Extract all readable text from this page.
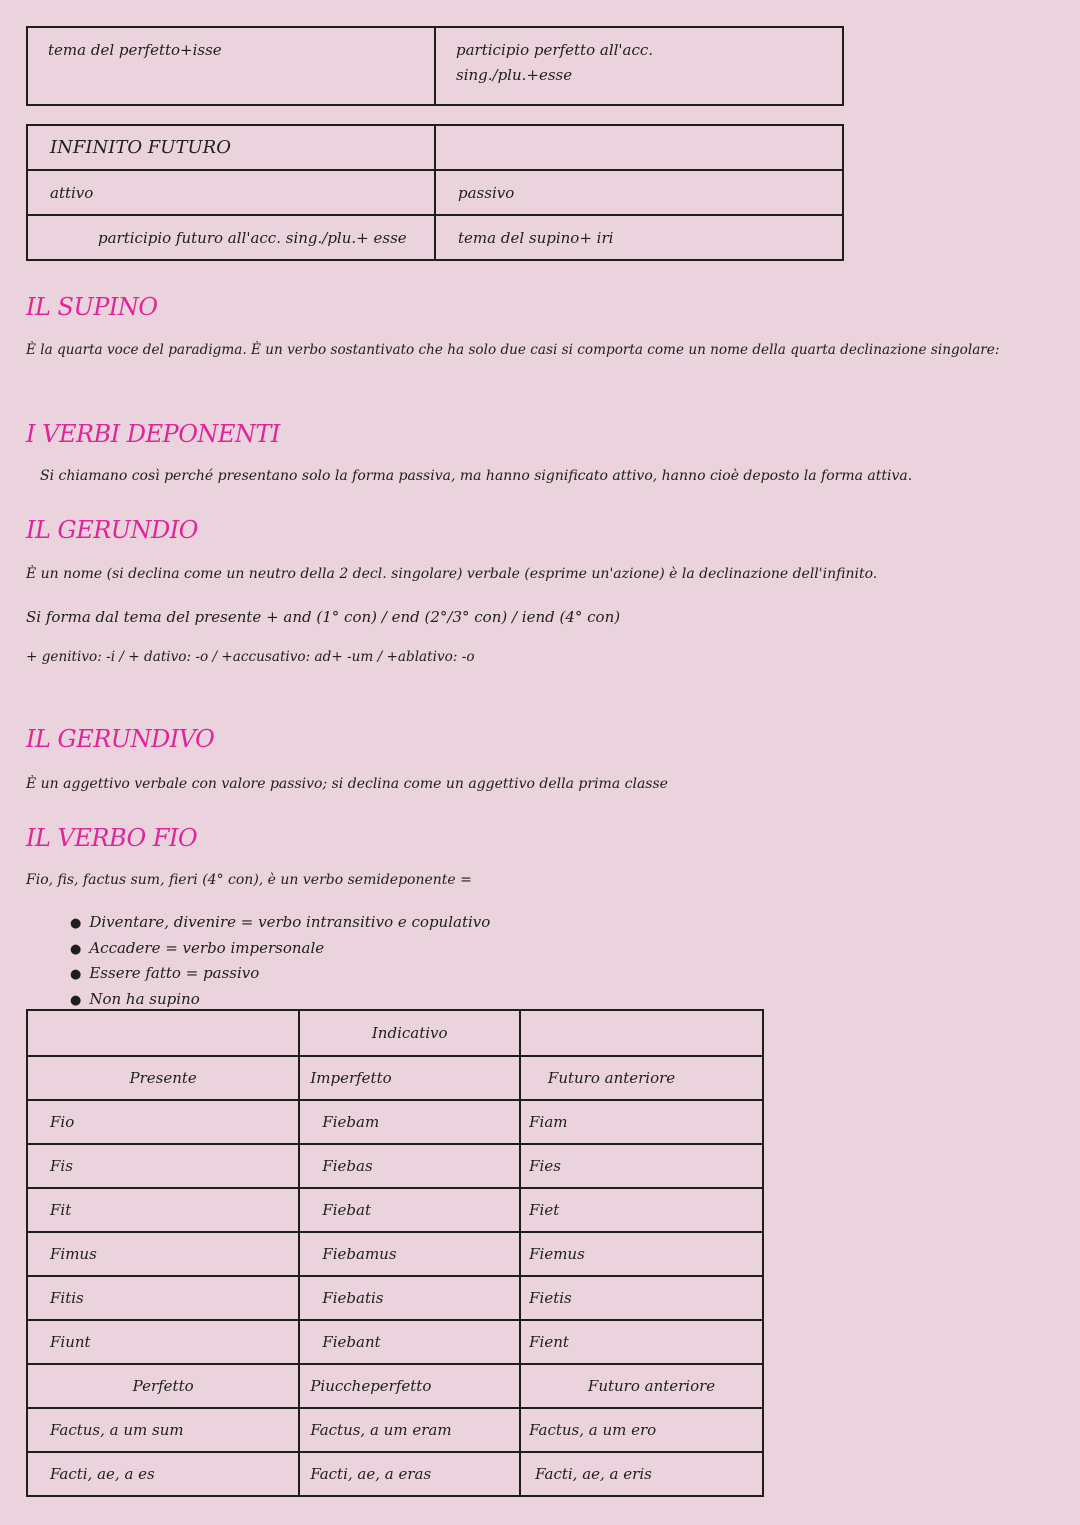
tema del perfetto+isse	participio perfetto all'acc.
sing./plu.+esse
INFINITO FUTURO	
attivo	passivo
participio futuro all'acc. sing./plu.+ esse	tema del supino+ iri
IL SUPINO

È la quarta voce del paradigma. È un verbo sostantivato che ha solo due casi si comporta come un nome della quarta declinazione singolare:

I VERBI DEPONENTI

Si chiamano così perché presentano solo la forma passiva, ma hanno significato attivo, hanno cioè deposto la forma attiva.

IL GERUNDIO

È un nome (si declina come un neutro della 2 decl. singolare) verbale (esprime un'azione) è la declinazione dell'infinito.

Si forma dal tema del presente + and (1° con) / end (2°/3° con) / iend (4° con)

+ genitivo: -i / + dativo: -o / +accusativo: ad+ -um / +ablativo: -o

IL GERUNDIVO

È un aggettivo verbale con valore passivo; si declina come un aggettivo della prima classe

IL VERBO FIO

Fio, fis, factus sum, fieri (4° con), è un verbo semideponente =

● Diventare, divenire = verbo intransitivo e copulativo
● Accadere = verbo impersonale
● Essere fatto = passivo
● Non ha supino
	Indicativo	
Presente	Imperfetto	Futuro anteriore
Fio	Fiebam	Fiam
Fis	Fiebas	Fies
Fit	Fiebat	Fiet
Fimus	Fiebamus	Fiemus
Fitis	Fiebatis	Fietis
Fiunt	Fiebant	Fient
Perfetto	Piuccheperfetto	Futuro anteriore
Factus, a um sum	Factus, a um eram	Factus, a um ero
Facti, ae, a es	Facti, ae, a eras	Facti, ae, a eris
